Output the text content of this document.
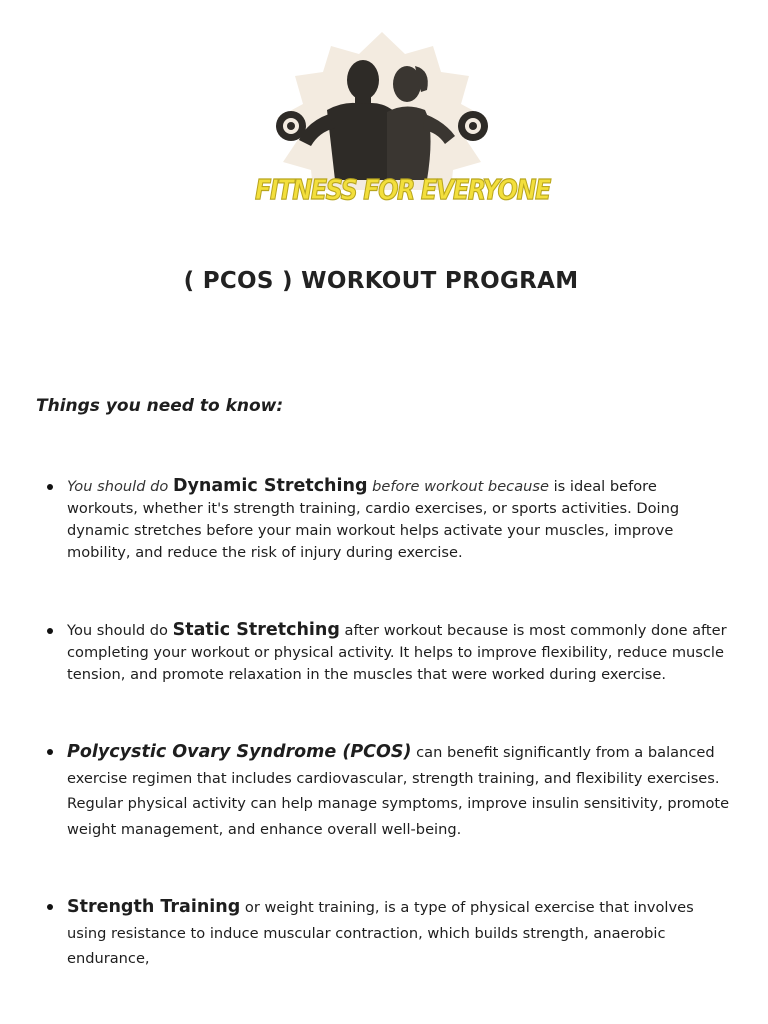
FITNESS FOR EVERYONE
( PCOS ) WORKOUT PROGRAM
Things you need to know:
You should do Dynamic Stretching before workout because is ideal before workouts, whether it's strength training, cardio exercises, or sports activities. Doing dynamic stretches before your main workout helps activate your muscles, improve mobility, and reduce the risk of injury during exercise.
You should do Static Stretching after workout because is most commonly done after completing your workout or physical activity. It helps to improve flexibility, reduce muscle tension, and promote relaxation in the muscles that were worked during exercise.
Polycystic Ovary Syndrome (PCOS) can benefit significantly from a balanced exercise regimen that includes cardiovascular, strength training, and flexibility exercises. Regular physical activity can help manage symptoms, improve insulin sensitivity, promote weight management, and enhance overall well-being.
Strength Training or weight training, is a type of physical exercise that involves using resistance to induce muscular contraction, which builds strength, anaerobic endurance,
